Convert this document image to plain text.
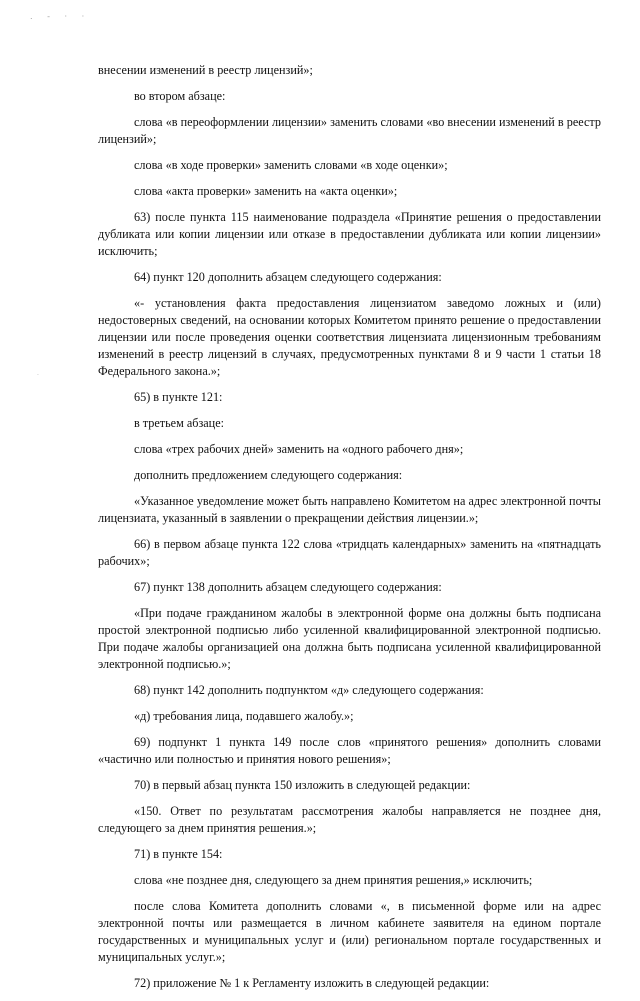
. - · ·
·

внесении изменений в реестр лицензий»;

во втором абзаце:

слова «в переоформлении лицензии» заменить словами «во внесении изменений в реестр лицензий»;

слова «в ходе проверки» заменить словами «в ходе оценки»;

слова «акта проверки» заменить на «акта оценки»;

63) после пункта 115 наименование подраздела «Принятие решения о предоставлении дубликата или копии лицензии или отказе в предоставлении дубликата или копии лицензии» исключить;

64) пункт 120 дополнить абзацем следующего содержания:

«- установления факта предоставления лицензиатом заведомо ложных и (или) недостоверных сведений, на основании которых Комитетом принято решение о предоставлении лицензии или после проведения оценки соответствия лицензиата лицензионным требованиям изменений в реестр лицензий в случаях, предусмотренных пунктами 8 и 9 части 1 статьи 18 Федерального закона.»;

65) в пункте 121:

в третьем абзаце:

слова «трех рабочих дней» заменить на «одного рабочего дня»;

дополнить предложением следующего содержания:

«Указанное уведомление может быть направлено Комитетом на адрес электронной почты лицензиата, указанный в заявлении о прекращении действия лицензии.»;

66) в первом абзаце пункта 122 слова «тридцать календарных» заменить на «пятнадцать рабочих»;

67) пункт 138 дополнить абзацем следующего содержания:

«При подаче гражданином жалобы в электронной форме она должны быть подписана простой электронной подписью либо усиленной квалифицированной электронной подписью. При подаче жалобы организацией она должна быть подписана усиленной квалифицированной электронной подписью.»;

68) пункт 142 дополнить подпунктом «д» следующего содержания:

«д) требования лица, подавшего жалобу.»;

69) подпункт 1 пункта 149 после слов «принятого решения» дополнить словами «частично или полностью и принятия нового решения»;

70) в первый абзац пункта 150 изложить в следующей редакции:

«150. Ответ по результатам рассмотрения жалобы направляется не позднее дня, следующего за днем принятия решения.»;

71) в пункте 154:

слова «не позднее дня, следующего за днем принятия решения,» исключить;

после слова Комитета дополнить словами «, в письменной форме или на адрес электронной почты или размещается в личном кабинете заявителя на едином портале государственных и муниципальных услуг и (или) региональном портале государственных и муниципальных услуг.»;

72) приложение № 1 к Регламенту изложить в следующей редакции:
